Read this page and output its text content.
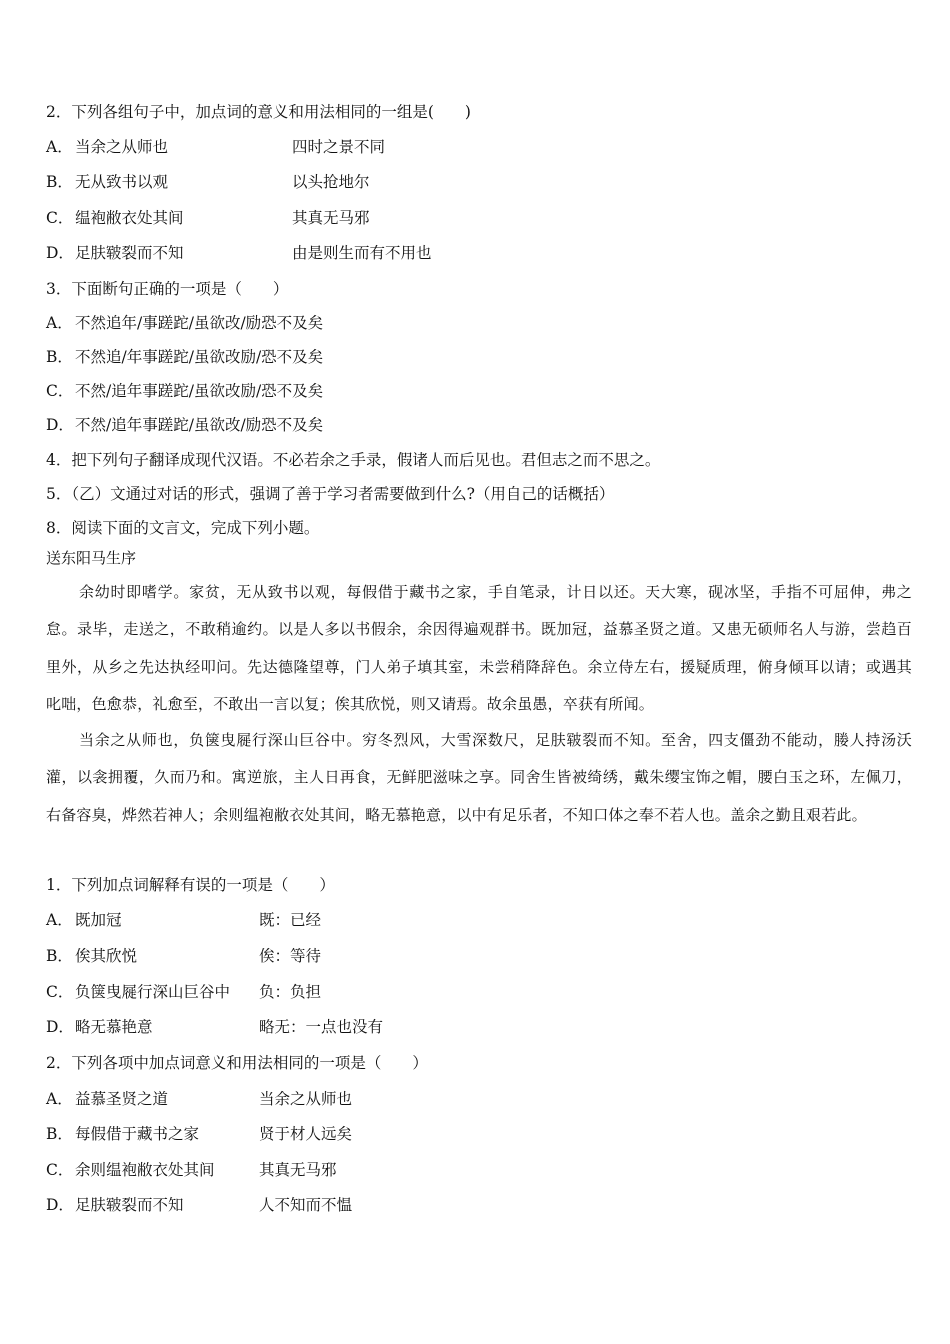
2．下列各组句子中，加点词的意义和用法相同的一组是(　　)
A． 当余之从师也	四时之景不同
B． 无从致书以观	以头抢地尔
C． 缊袍敝衣处其间	其真无马邪
D．足肤皲裂而不知	由是则生而有不用也
3．下面断句正确的一项是（　　）
A． 不然追年/事蹉跎/虽欲改/励恐不及矣
B． 不然追/年事蹉跎/虽欲改励/恐不及矣
C． 不然/追年事蹉跎/虽欲改励/恐不及矣
D．不然/追年事蹉跎/虽欲改/励恐不及矣
4．把下列句子翻译成现代汉语。不必若余之手录，假诸人而后见也。君但志之而不思之。
5．（乙）文通过对话的形式，强调了善于学习者需要做到什么?（用自己的话概括）
8．阅读下面的文言文，完成下列小题。
送东阳马生序
余幼时即嗜学。家贫，无从致书以观，每假借于藏书之家，手自笔录，计日以还。天大寒，砚冰坚，手指不可屈伸，弗之怠。录毕，走送之，不敢稍逾约。以是人多以书假余，余因得遍观群书。既加冠，益慕圣贤之道。又患无硕师名人与游，尝趋百里外，从乡之先达执经叩问。先达德隆望尊，门人弟子填其室，未尝稍降辞色。余立侍左右，援疑质理，俯身倾耳以请；或遇其叱咄，色愈恭，礼愈至，不敢出一言以复；俟其欣悦，则又请焉。故余虽愚，卒获有所闻。
当余之从师也，负箧曳屣行深山巨谷中。穷冬烈风，大雪深数尺，足肤皲裂而不知。至舍，四支僵劲不能动，媵人持汤沃灌，以衾拥覆，久而乃和。寓逆旅，主人日再食，无鲜肥滋味之享。同舍生皆被绮绣，戴朱缨宝饰之帽，腰白玉之环，左佩刀，右备容臭，烨然若神人；余则缊袍敝衣处其间，略无慕艳意，以中有足乐者，不知口体之奉不若人也。盖余之勤且艰若此。
1．下列加点词解释有误的一项是（　　）
A． 既加冠	既：已经
B． 俟其欣悦	俟：等待
C． 负箧曳屣行深山巨谷中 负：负担
D．略无慕艳意	略无：一点也没有
2．下列各项中加点词意义和用法相同的一项是（　　）
A． 益慕圣贤之道	当余之从师也
B． 每假借于藏书之家	贤于材人远矣
C． 余则缊袍敝衣处其间	其真无马邪
D．足肤皲裂而不知	人不知而不愠
